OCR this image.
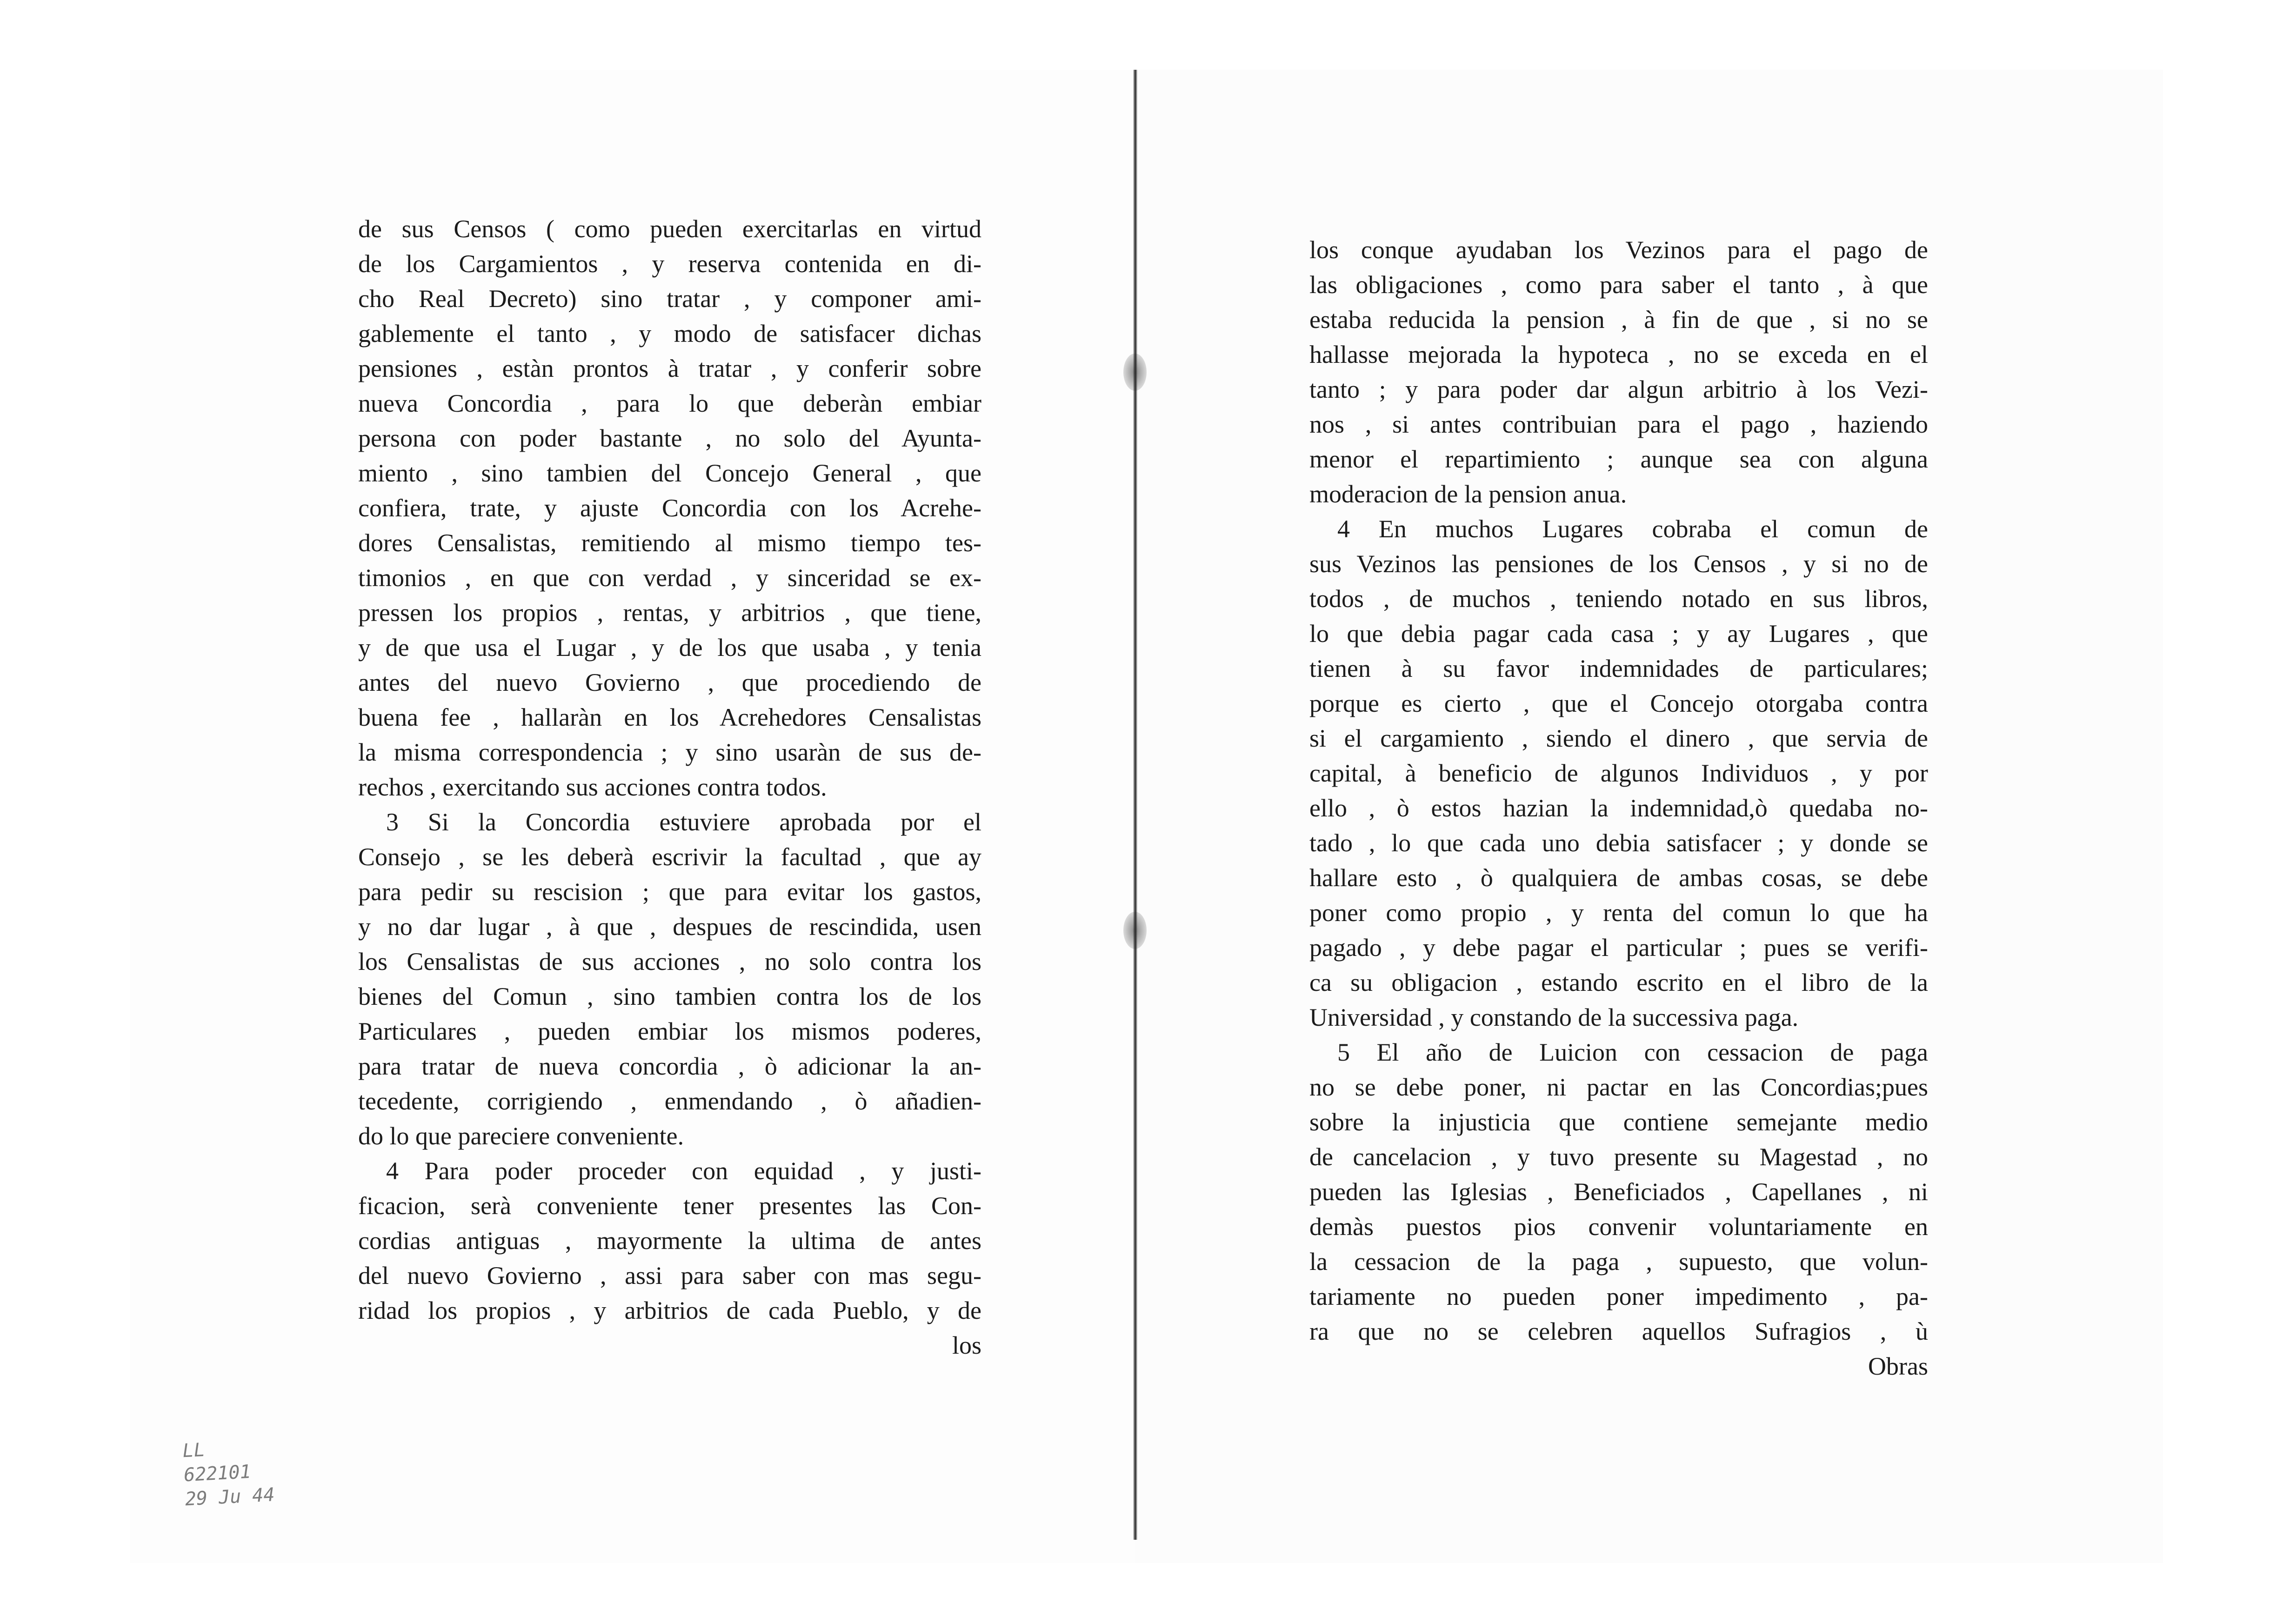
de sus Censos ( como pueden exercitarlas en virtud
de los Cargamientos , y reserva contenida en di-
cho Real Decreto) sino tratar , y componer ami-
gablemente el tanto , y modo de satisfacer dichas
pensiones , estàn prontos à tratar , y conferir sobre
nueva Concordia , para lo que deberàn embiar
persona con poder bastante , no solo del Ayunta-
miento , sino tambien del Concejo General , que
confiera, trate, y ajuste Concordia con los Acrehe-
dores Censalistas, remitiendo al mismo tiempo tes-
timonios , en que con verdad , y sinceridad se ex-
pressen los propios , rentas, y arbitrios , que tiene,
y de que usa el Lugar , y de los que usaba , y tenia
antes del nuevo Govierno , que procediendo de
buena fee , hallaràn en los Acrehedores Censalistas
la misma correspondencia ; y sino usaràn de sus de-
rechos , exercitando sus acciones contra todos.
3 Si la Concordia estuviere aprobada por el
Consejo , se les deberà escrivir la facultad , que ay
para pedir su rescision ; que para evitar los gastos,
y no dar lugar , à que , despues de rescindida, usen
los Censalistas de sus acciones , no solo contra los
bienes del Comun , sino tambien contra los de los
Particulares , pueden embiar los mismos poderes,
para tratar de nueva concordia , ò adicionar la an-
tecedente, corrigiendo , enmendando , ò añadien-
do lo que pareciere conveniente.
4 Para poder proceder con equidad , y justi-
ficacion, serà conveniente tener presentes las Con-
cordias antiguas , mayormente la ultima de antes
del nuevo Govierno , assi para saber con mas segu-
ridad los propios , y arbitrios de cada Pueblo, y de
los
los conque ayudaban los Vezinos para el pago de
las obligaciones , como para saber el tanto , à que
estaba reducida la pension , à fin de que , si no se
hallasse mejorada la hypoteca , no se exceda en el
tanto ; y para poder dar algun arbitrio à los Vezi-
nos , si antes contribuian para el pago , haziendo
menor el repartimiento ; aunque sea con alguna
moderacion de la pension anua.
4 En muchos Lugares cobraba el comun de
sus Vezinos las pensiones de los Censos , y si no de
todos , de muchos , teniendo notado en sus libros,
lo que debia pagar cada casa ; y ay Lugares , que
tienen à su favor indemnidades de particulares;
porque es cierto , que el Concejo otorgaba contra
si el cargamiento , siendo el dinero , que servia de
capital, à beneficio de algunos Individuos , y por
ello , ò estos hazian la indemnidad,ò quedaba no-
tado , lo que cada uno debia satisfacer ; y donde se
hallare esto , ò qualquiera de ambas cosas, se debe
poner como propio , y renta del comun lo que ha
pagado , y debe pagar el particular ; pues se verifi-
ca su obligacion , estando escrito en el libro de la
Universidad , y constando de la successiva paga.
5 El año de Luicion con cessacion de paga
no se debe poner, ni pactar en las Concordias;pues
sobre la injusticia que contiene semejante medio
de cancelacion , y tuvo presente su Magestad , no
pueden las Iglesias , Beneficiados , Capellanes , ni
demàs puestos pios convenir voluntariamente en
la cessacion de la paga , supuesto, que volun-
tariamente no pueden poner impedimento , pa-
ra que no se celebren aquellos Sufragios , ù
Obras
LL
622101
29 Ju 44
